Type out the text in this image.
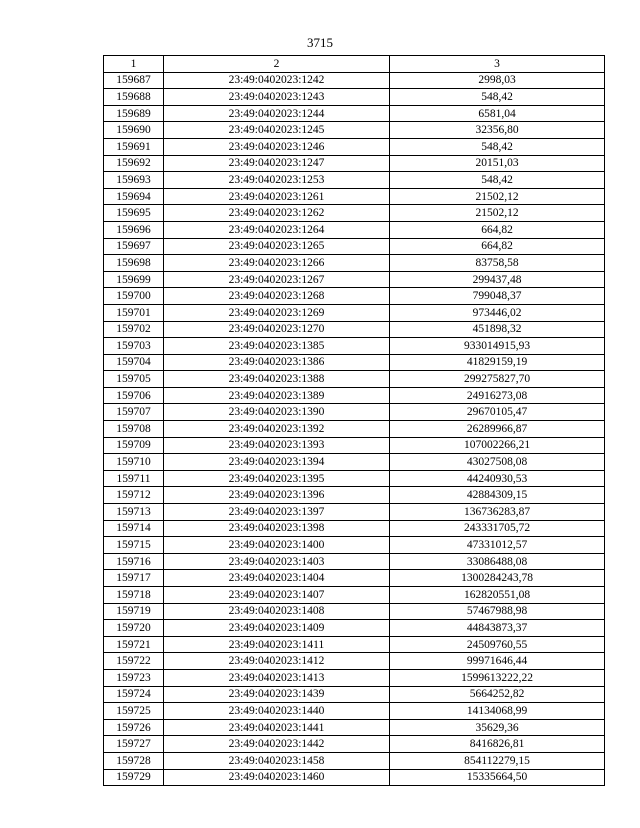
3715
1	2	3
159687	23:49:0402023:1242	2998,03
159688	23:49:0402023:1243	548,42
159689	23:49:0402023:1244	6581,04
159690	23:49:0402023:1245	32356,80
159691	23:49:0402023:1246	548,42
159692	23:49:0402023:1247	20151,03
159693	23:49:0402023:1253	548,42
159694	23:49:0402023:1261	21502,12
159695	23:49:0402023:1262	21502,12
159696	23:49:0402023:1264	664,82
159697	23:49:0402023:1265	664,82
159698	23:49:0402023:1266	83758,58
159699	23:49:0402023:1267	299437,48
159700	23:49:0402023:1268	799048,37
159701	23:49:0402023:1269	973446,02
159702	23:49:0402023:1270	451898,32
159703	23:49:0402023:1385	933014915,93
159704	23:49:0402023:1386	41829159,19
159705	23:49:0402023:1388	299275827,70
159706	23:49:0402023:1389	24916273,08
159707	23:49:0402023:1390	29670105,47
159708	23:49:0402023:1392	26289966,87
159709	23:49:0402023:1393	107002266,21
159710	23:49:0402023:1394	43027508,08
159711	23:49:0402023:1395	44240930,53
159712	23:49:0402023:1396	42884309,15
159713	23:49:0402023:1397	136736283,87
159714	23:49:0402023:1398	243331705,72
159715	23:49:0402023:1400	47331012,57
159716	23:49:0402023:1403	33086488,08
159717	23:49:0402023:1404	1300284243,78
159718	23:49:0402023:1407	162820551,08
159719	23:49:0402023:1408	57467988,98
159720	23:49:0402023:1409	44843873,37
159721	23:49:0402023:1411	24509760,55
159722	23:49:0402023:1412	99971646,44
159723	23:49:0402023:1413	1599613222,22
159724	23:49:0402023:1439	5664252,82
159725	23:49:0402023:1440	14134068,99
159726	23:49:0402023:1441	35629,36
159727	23:49:0402023:1442	8416826,81
159728	23:49:0402023:1458	854112279,15
159729	23:49:0402023:1460	15335664,50
